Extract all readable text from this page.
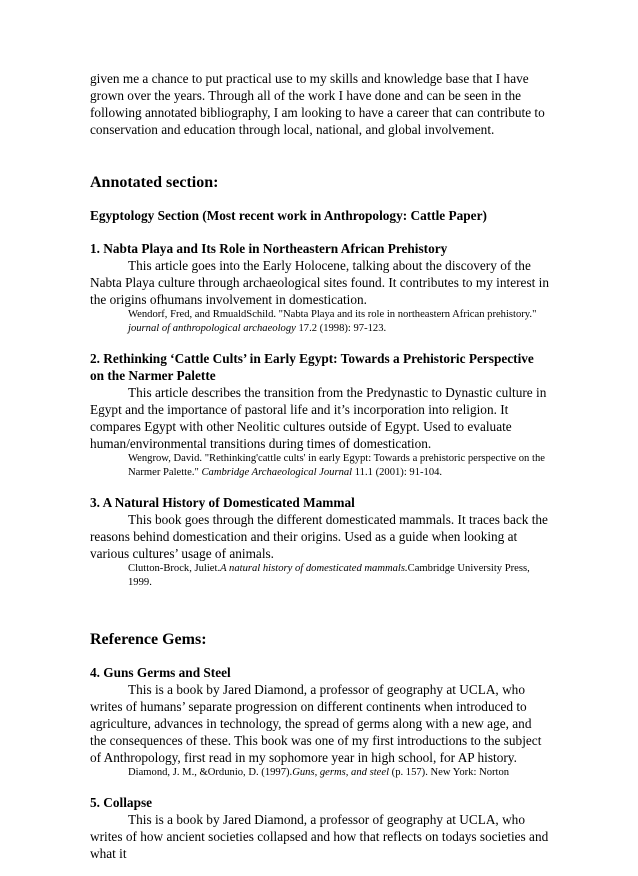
given me a chance to put practical use to my skills and knowledge base that I have grown over the years. Through all of the work I have done and can be seen in the following annotated bibliography, I am looking to have a career that can contribute to conservation and education through local, national, and global involvement.

Annotated section:

Egyptology Section (Most recent work in Anthropology: Cattle Paper)

1. Nabta Playa and Its Role in Northeastern African Prehistory

This article goes into the Early Holocene, talking about the discovery of the Nabta Playa culture through archaeological sites found. It contributes to my interest in the origins ofhumans involvement in domestication.

Wendorf, Fred, and RmualdSchild. "Nabta Playa and its role in northeastern African prehistory." journal of anthropological archaeology 17.2 (1998): 97-123.

2. Rethinking ‘Cattle Cults’ in Early Egypt: Towards a Prehistoric Perspective on the Narmer Palette

This article describes the transition from the Predynastic to Dynastic culture in Egypt and the importance of pastoral life and it’s incorporation into religion. It compares Egypt with other Neolitic cultures outside of Egypt. Used to evaluate human/environmental transitions during times of domestication.

Wengrow, David. "Rethinking'cattle cults' in early Egypt: Towards a prehistoric perspective on the Narmer Palette." Cambridge Archaeological Journal 11.1 (2001): 91-104.

3. A Natural History of Domesticated Mammal

This book goes through the different domesticated mammals. It traces back the reasons behind domestication and their origins. Used as a guide when looking at various cultures’ usage of animals.

Clutton-Brock, Juliet.A natural history of domesticated mammals.Cambridge University Press, 1999.

Reference Gems:

4. Guns Germs and Steel

This is a book by Jared Diamond, a professor of geography at UCLA, who writes of humans’ separate progression on different continents when introduced to agriculture, advances in technology, the spread of germs along with a new age, and the consequences of these. This book was one of my first introductions to the subject of Anthropology, first read in my sophomore year in high school, for AP history.

Diamond, J. M., &Ordunio, D. (1997).Guns, germs, and steel (p. 157). New York: Norton

5. Collapse

This is a book by Jared Diamond, a professor of geography at UCLA, who writes of how ancient societies collapsed and how that reflects on todays societies and what it
